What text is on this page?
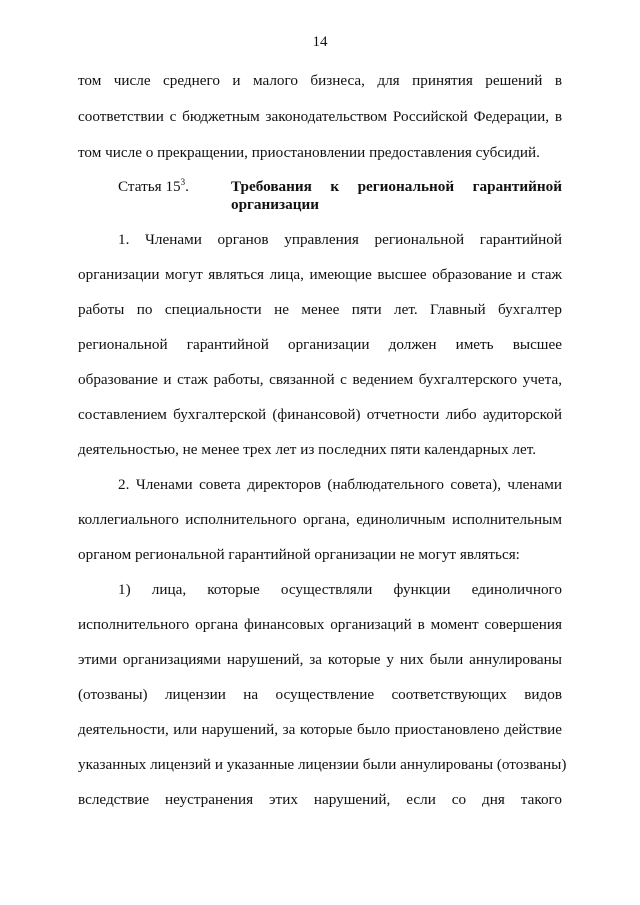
14
том числе среднего и малого бизнеса, для принятия решений в
соответствии с бюджетным законодательством Российской Федерации, в
том числе о прекращении, приостановлении предоставления субсидий.
Статья $15^3$.	Требования к региональной гарантийной
организации
1. Членами органов управления региональной гарантийной
организации могут являться лица, имеющие высшее образование и стаж
работы по специальности не менее пяти лет. Главный бухгалтер
региональной гарантийной организации должен иметь высшее
образование и стаж работы, связанной с ведением бухгалтерского учета,
составлением бухгалтерской (финансовой) отчетности либо аудиторской
деятельностью, не менее трех лет из последних пяти календарных лет.
2. Членами совета директоров (наблюдательного совета), членами
коллегиального исполнительного органа, единоличным исполнительным
органом региональной гарантийной организации не могут являться:
1) лица, которые осуществляли функции единоличного
исполнительного органа финансовых организаций в момент совершения
этими организациями нарушений, за которые у них были аннулированы
(отозваны) лицензии на осуществление соответствующих видов
деятельности, или нарушений, за которые было приостановлено действие
указанных лицензий и указанные лицензии были аннулированы (отозваны)
вследствие неустранения этих нарушений, если со дня такого
